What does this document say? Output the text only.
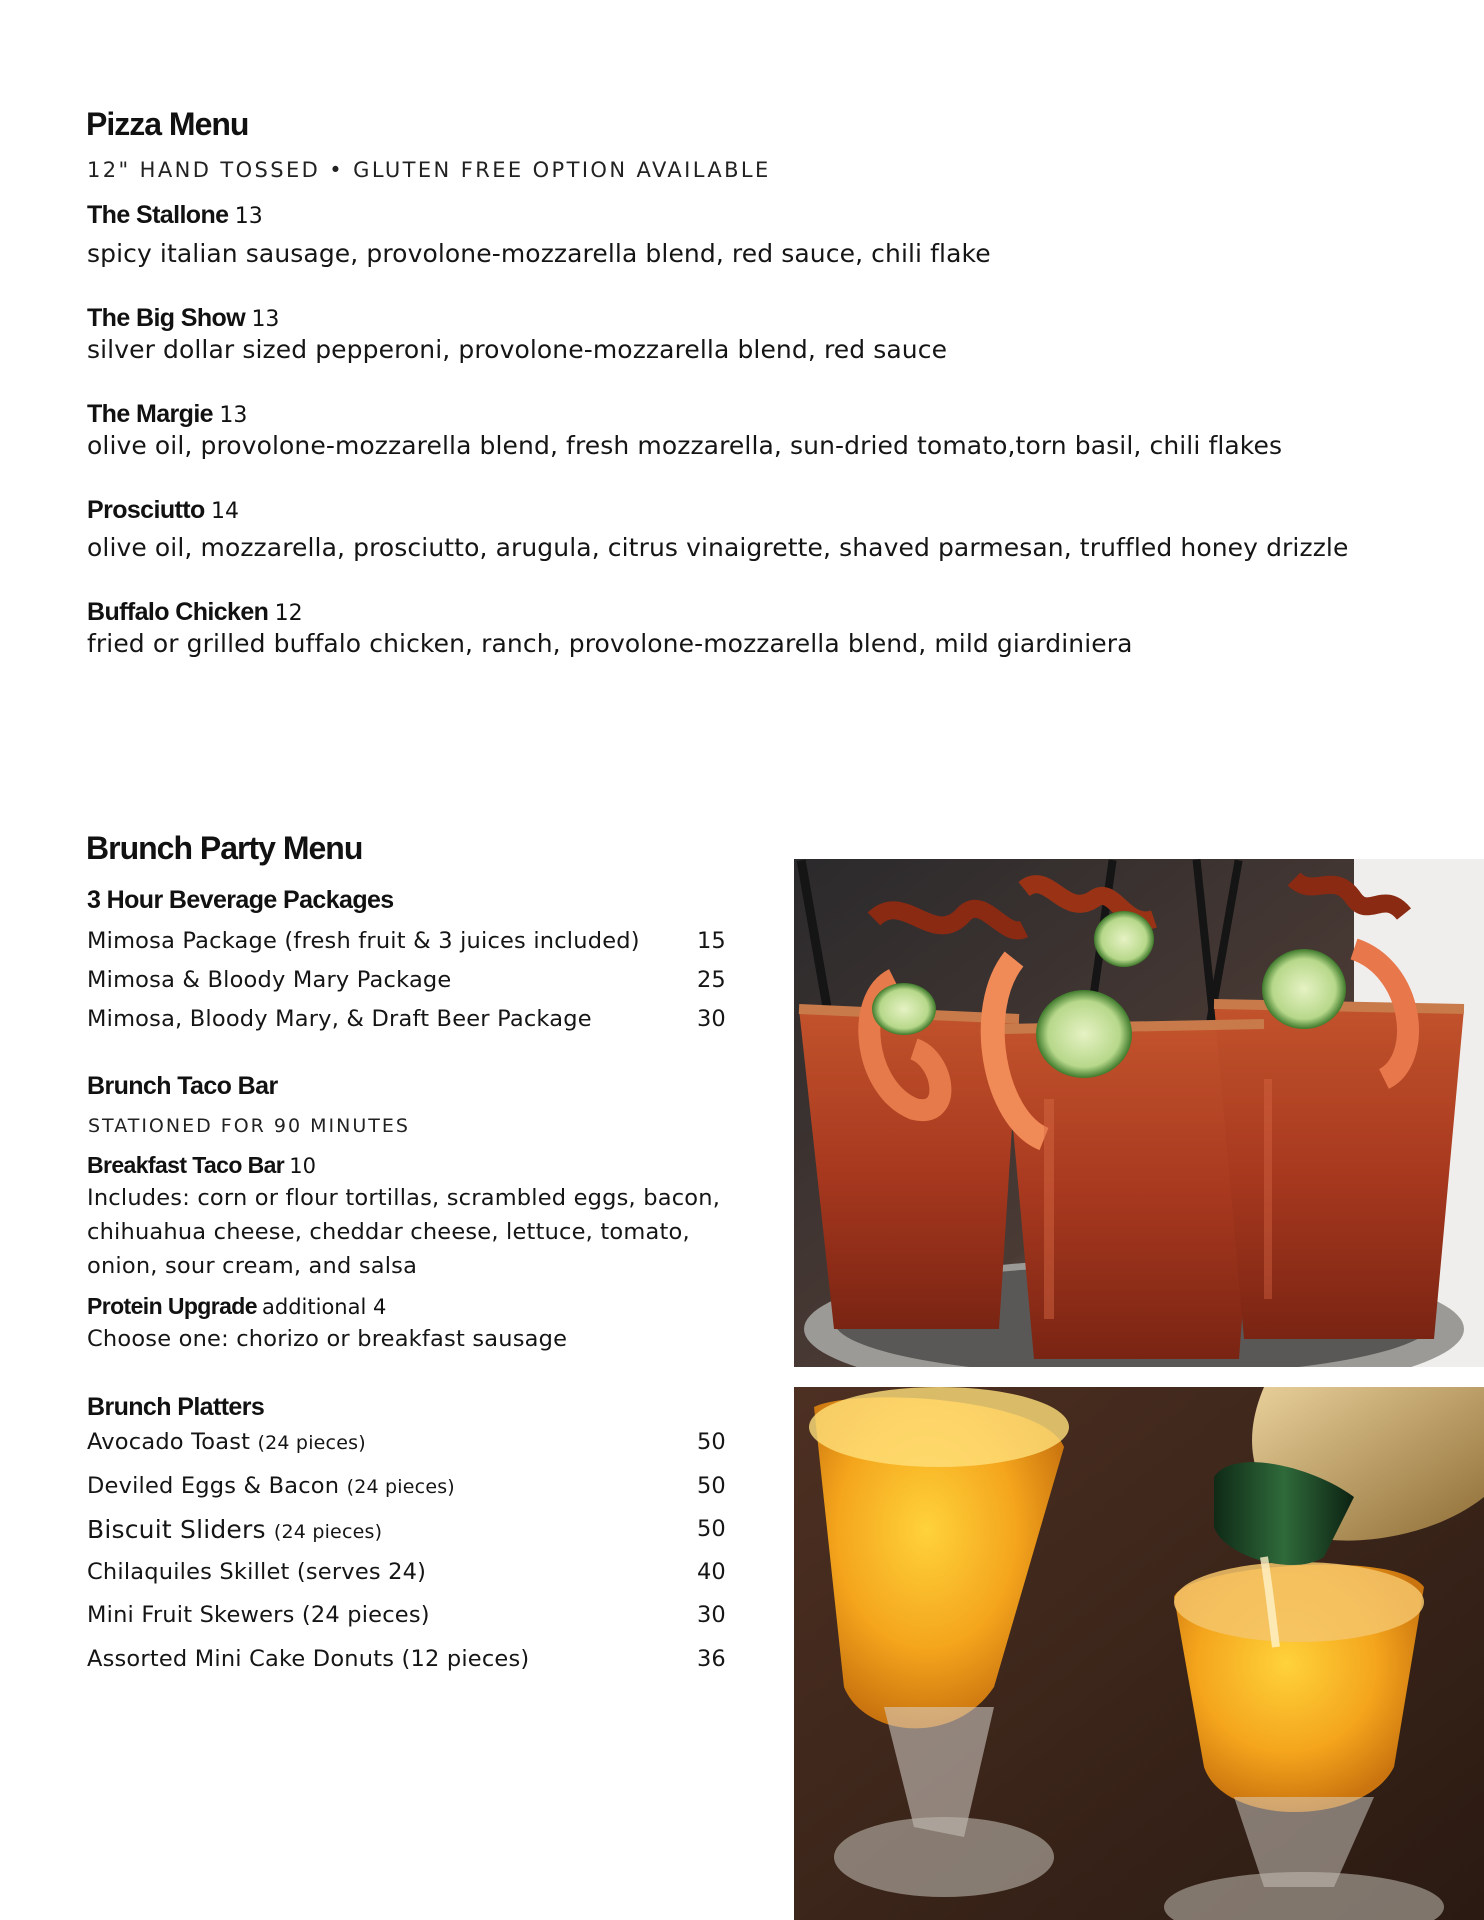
Pizza Menu
12" HAND TOSSED • GLUTEN FREE OPTION AVAILABLE
The Stallone 13
spicy italian sausage, provolone-mozzarella blend, red sauce, chili flake
The Big Show 13
silver dollar sized pepperoni, provolone-mozzarella blend, red sauce
The Margie 13
olive oil, provolone-mozzarella blend, fresh mozzarella, sun-dried tomato,torn basil, chili flakes
Prosciutto 14
olive oil, mozzarella, prosciutto, arugula, citrus vinaigrette, shaved parmesan, truffled honey drizzle
Buffalo Chicken 12
fried or grilled buffalo chicken, ranch, provolone-mozzarella blend, mild giardiniera
Brunch Party Menu
3 Hour Beverage Packages
Mimosa Package (fresh fruit & 3 juices included)	15
Mimosa & Bloody Mary Package	25
Mimosa, Bloody Mary, & Draft Beer Package	30
Brunch Taco Bar
STATIONED FOR 90 MINUTES
Breakfast Taco Bar 10
Includes: corn or flour tortillas, scrambled eggs, bacon, chihuahua cheese, cheddar cheese, lettuce, tomato, onion, sour cream, and salsa
Protein Upgrade additional 4
Choose one: chorizo or breakfast sausage
Brunch Platters
Avocado Toast (24 pieces)	50
Deviled Eggs & Bacon (24 pieces)	50
Biscuit Sliders (24 pieces)	50
Chilaquiles Skillet (serves 24)	40
Mini Fruit Skewers (24 pieces)	30
Assorted Mini Cake Donuts (12 pieces)	36
